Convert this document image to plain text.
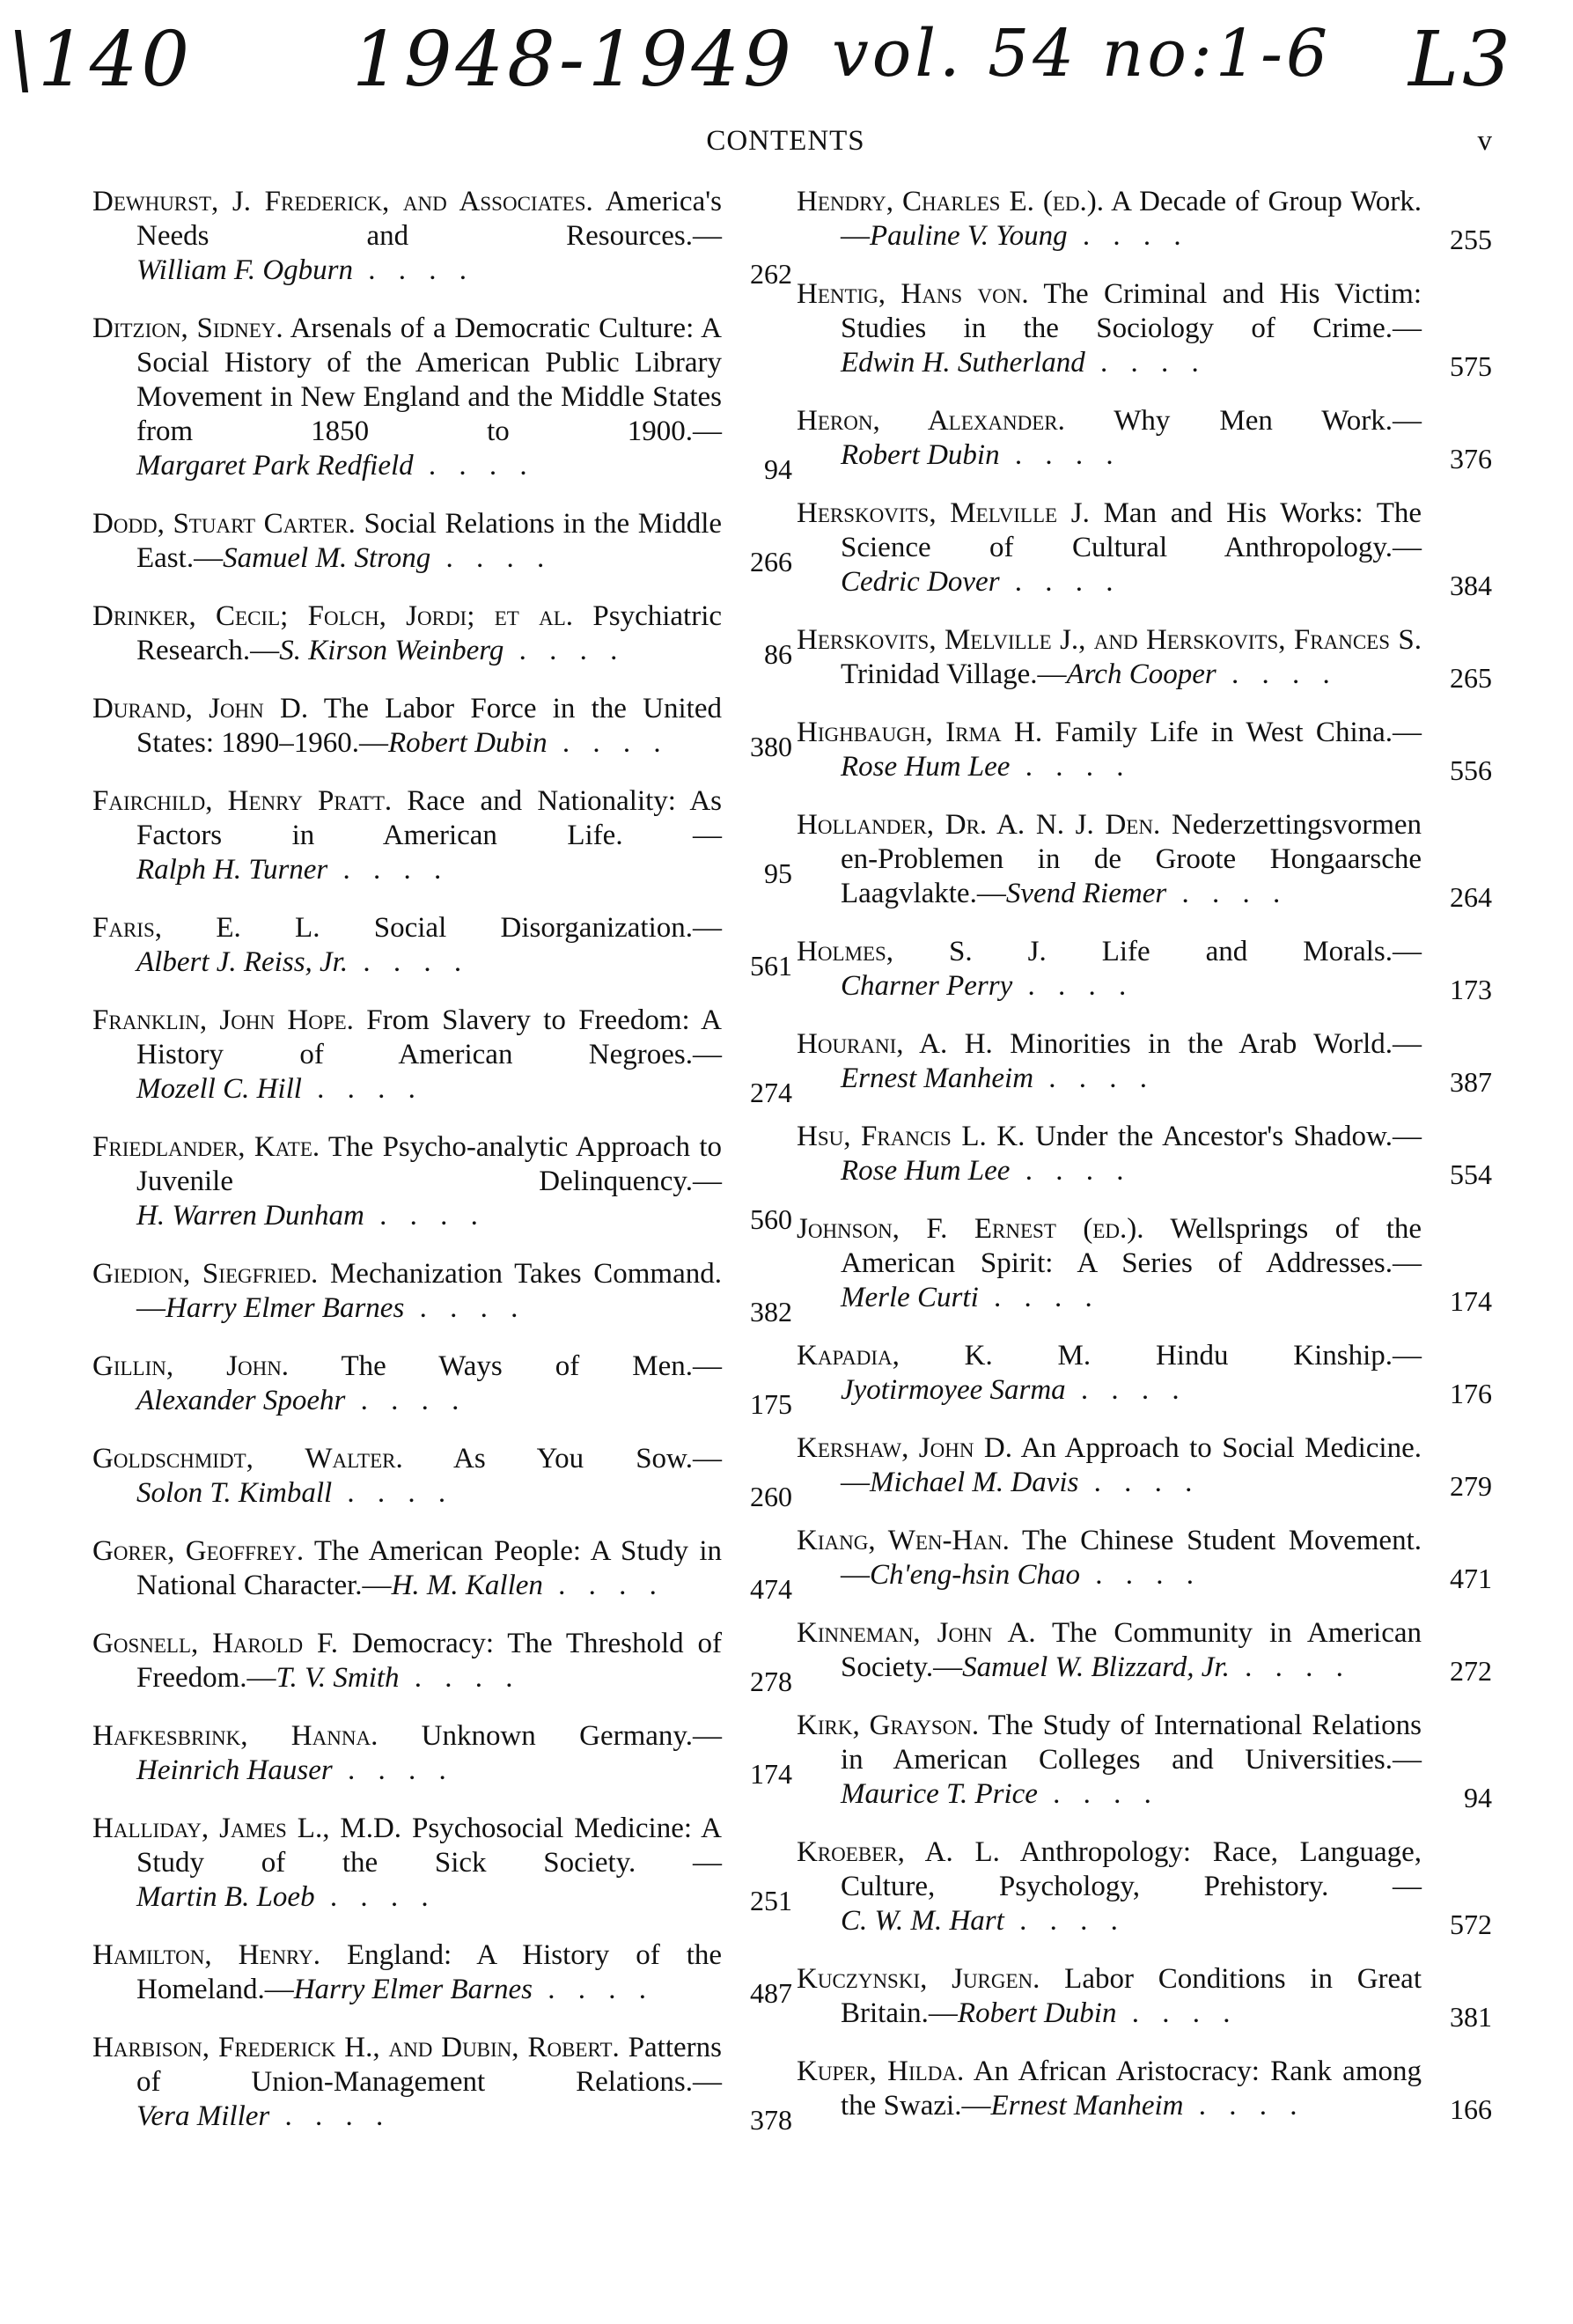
\140 1948-1949 vol. 54 no:1-6 L3
CONTENTS	v
Dewhurst, J. Frederick, and Associates. America's Needs and Resources.—William F. Ogburn . . . .	262
Ditzion, Sidney. Arsenals of a Democratic Culture: A Social History of the American Public Library Movement in New England and the Middle States from 1850 to 1900.—Margaret Park Redfield . . . .	94
Dodd, Stuart Carter. Social Relations in the Middle East.—Samuel M. Strong . . . .	266
Drinker, Cecil; Folch, Jordi; et al. Psychiatric Research.—S. Kirson Weinberg . . . .	86
Durand, John D. The Labor Force in the United States: 1890–1960.—Robert Dubin . . . .	380
Fairchild, Henry Pratt. Race and Nationality: As Factors in American Life. —Ralph H. Turner . . . .	95
Faris, E. L. Social Disorganization.—Albert J. Reiss, Jr. . . . .	561
Franklin, John Hope. From Slavery to Freedom: A History of American Negroes.—Mozell C. Hill . . . .	274
Friedlander, Kate. The Psycho-analytic Approach to Juvenile Delinquency.—H. Warren Dunham . . . .	560
Giedion, Siegfried. Mechanization Takes Command.—Harry Elmer Barnes . . . .	382
Gillin, John. The Ways of Men.—Alexander Spoehr . . . .	175
Goldschmidt, Walter. As You Sow.—Solon T. Kimball . . . .	260
Gorer, Geoffrey. The American People: A Study in National Character.—H. M. Kallen . . . .	474
Gosnell, Harold F. Democracy: The Threshold of Freedom.—T. V. Smith . . . .	278
Hafkesbrink, Hanna. Unknown Germany.—Heinrich Hauser . . . .	174
Halliday, James L., M.D. Psychosocial Medicine: A Study of the Sick Society. —Martin B. Loeb . . . .	251
Hamilton, Henry. England: A History of the Homeland.—Harry Elmer Barnes . . . .	487
Harbison, Frederick H., and Dubin, Robert. Patterns of Union-Management Relations.—Vera Miller . . . .	378
Hendry, Charles E. (ed.). A Decade of Group Work.—Pauline V. Young . . . .	255
Hentig, Hans von. The Criminal and His Victim: Studies in the Sociology of Crime.—Edwin H. Sutherland . . . .	575
Heron, Alexander. Why Men Work.—Robert Dubin . . . .	376
Herskovits, Melville J. Man and His Works: The Science of Cultural Anthropology.—Cedric Dover . . . .	384
Herskovits, Melville J., and Herskovits, Frances S. Trinidad Village.—Arch Cooper . . . .	265
Highbaugh, Irma H. Family Life in West China.—Rose Hum Lee . . . .	556
Hollander, Dr. A. N. J. Den. Nederzettingsvormen en-Problemen in de Groote Hongaarsche Laagvlakte.—Svend Riemer . . . .	264
Holmes, S. J. Life and Morals.—Charner Perry . . . .	173
Hourani, A. H. Minorities in the Arab World.—Ernest Manheim . . . .	387
Hsu, Francis L. K. Under the Ancestor's Shadow.—Rose Hum Lee . . . .	554
Johnson, F. Ernest (ed.). Wellsprings of the American Spirit: A Series of Addresses.—Merle Curti . . . .	174
Kapadia, K. M. Hindu Kinship.—Jyotirmoyee Sarma . . . .	176
Kershaw, John D. An Approach to Social Medicine.—Michael M. Davis . . . .	279
Kiang, Wen-Han. The Chinese Student Movement.—Ch'eng-hsin Chao . . . .	471
Kinneman, John A. The Community in American Society.—Samuel W. Blizzard, Jr. . . . .	272
Kirk, Grayson. The Study of International Relations in American Colleges and Universities.—Maurice T. Price . . . .	94
Kroeber, A. L. Anthropology: Race, Language, Culture, Psychology, Prehistory. —C. W. M. Hart . . . .	572
Kuczynski, Jurgen. Labor Conditions in Great Britain.—Robert Dubin . . . .	381
Kuper, Hilda. An African Aristocracy: Rank among the Swazi.—Ernest Manheim . . . .	166
